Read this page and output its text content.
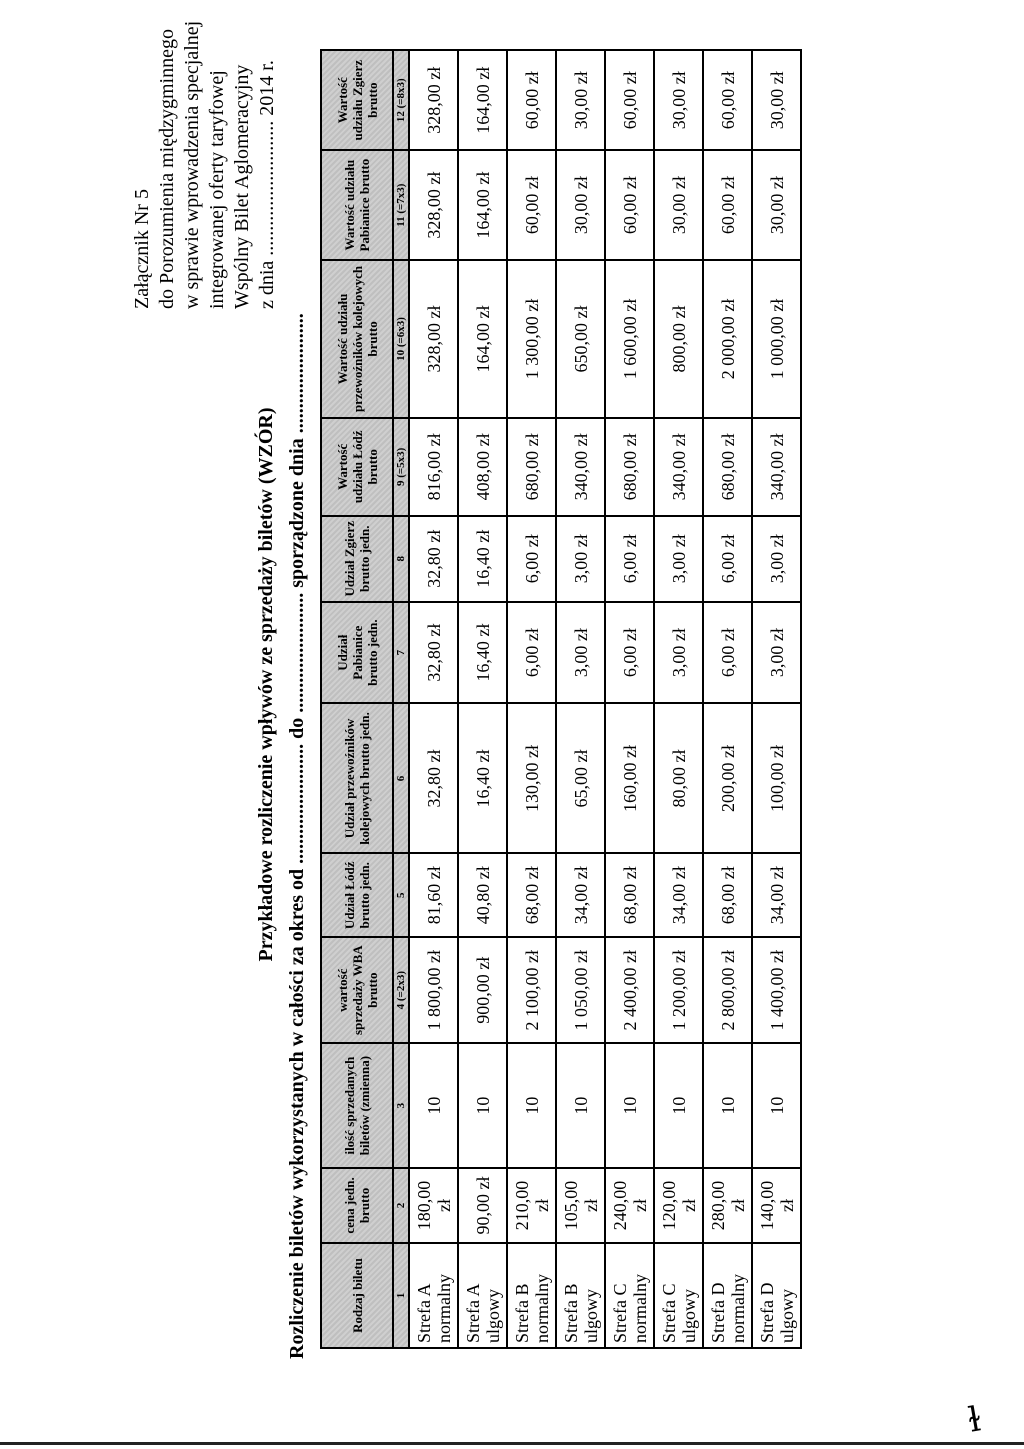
Załącznik Nr 5 do Porozumienia międzygminnego w sprawie wprowadzenia specjalnej integrowanej oferty taryfowej Wspólny Bilet Aglomeracyjny z dnia ........................... 2014 r.
Przykładowe rozliczenie wpływów ze sprzedaży biletów (WZÓR) Rozliczenie biletów wykorzystanych w całości za okres od ........................ do ........................ sporządzone dnia ........................	Rodzaj biletu	cena jedn. brutto	ilość sprzedanych biletów (zmienna)	wartość sprzedaży WBA brutto	Udział Łódź brutto jedn.	Udział przewoźników kolejowych brutto jedn.	Udział Pabianice brutto jedn.	Udział Zgierz brutto jedn.	Wartość udziału Łódź brutto	Wartość udziału przewoźników kolejowych brutto	Wartość udziału Pabianice brutto	Wartość udziału Zgierz brutto
1	2	3	4 (=2x3)	5	6	7	8	9 (=5x3)	10 (=6x3)	11 (=7x3)	12 (=8x3)
Strefa A normalny	180,00 zł	10	1 800,00 zł	81,60 zł	32,80 zł	32,80 zł	32,80 zł	816,00 zł	328,00 zł	328,00 zł	328,00 zł
Strefa A ulgowy	90,00 zł	10	900,00 zł	40,80 zł	16,40 zł	16,40 zł	16,40 zł	408,00 zł	164,00 zł	164,00 zł	164,00 zł
Strefa B normalny	210,00 zł	10	2 100,00 zł	68,00 zł	130,00 zł	6,00 zł	6,00 zł	680,00 zł	1 300,00 zł	60,00 zł	60,00 zł
Strefa B ulgowy	105,00 zł	10	1 050,00 zł	34,00 zł	65,00 zł	3,00 zł	3,00 zł	340,00 zł	650,00 zł	30,00 zł	30,00 zł
Strefa C normalny	240,00 zł	10	2 400,00 zł	68,00 zł	160,00 zł	6,00 zł	6,00 zł	680,00 zł	1 600,00 zł	60,00 zł	60,00 zł
Strefa C ulgowy	120,00 zł	10	1 200,00 zł	34,00 zł	80,00 zł	3,00 zł	3,00 zł	340,00 zł	800,00 zł	30,00 zł	30,00 zł
Strefa D normalny	280,00 zł	10	2 800,00 zł	68,00 zł	200,00 zł	6,00 zł	6,00 zł	680,00 zł	2 000,00 zł	60,00 zł	60,00 zł
Strefa D ulgowy	140,00 zł	10	1 400,00 zł	34,00 zł	100,00 zł	3,00 zł	3,00 zł	340,00 zł	1 000,00 zł	30,00 zł	30,00 zł
ɫ
